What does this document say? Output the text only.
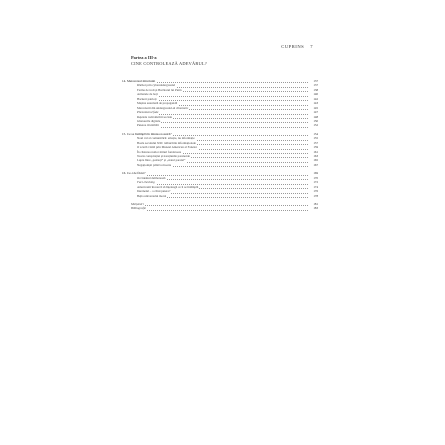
CUPRINS 7
Partea a III-a
CINE CONTROLEAZĂ ADEVĂRUL?
14. Metaversul minciunii	137
Război prin cyberunderground	137
Ferma de troli și Bucătarul lui Putin	138
Armatele de boți	140
Hackeri patrioți	142
Mașina automată de propagandă	143
Mercenarii din underground-ul cibernetic	145
Phenomenul fake	147
Rețelele radicalizării sociale	148
Ghetourile digitale	150
Puterea invizibilă	152
15. Ce se întâmplă în mintea noastră?	154
Noul val al comunicării: emoție, nu informație	155
Boala secolului XXI: tulburările informaționale	157
O scurtă vizită prin Muzeul American al Fanelor	159
În căutarea noilor mituri fondatoare	161
Teoria conspirației și narațiunile paranoide	163
Lupta între „patrioți” și „statul paralel”	165
Negaționiști până la moarte	167
16. Ce-i de făcut?	169
Occidentul deliberează	170
Fact-checking	172
Americanii încearcă să înțeleagă ce li se întâmplă	174
Internetul – a cărui putere?	176
Beția universului moral	178
Mulțumiri	181
Bibliografie	183
